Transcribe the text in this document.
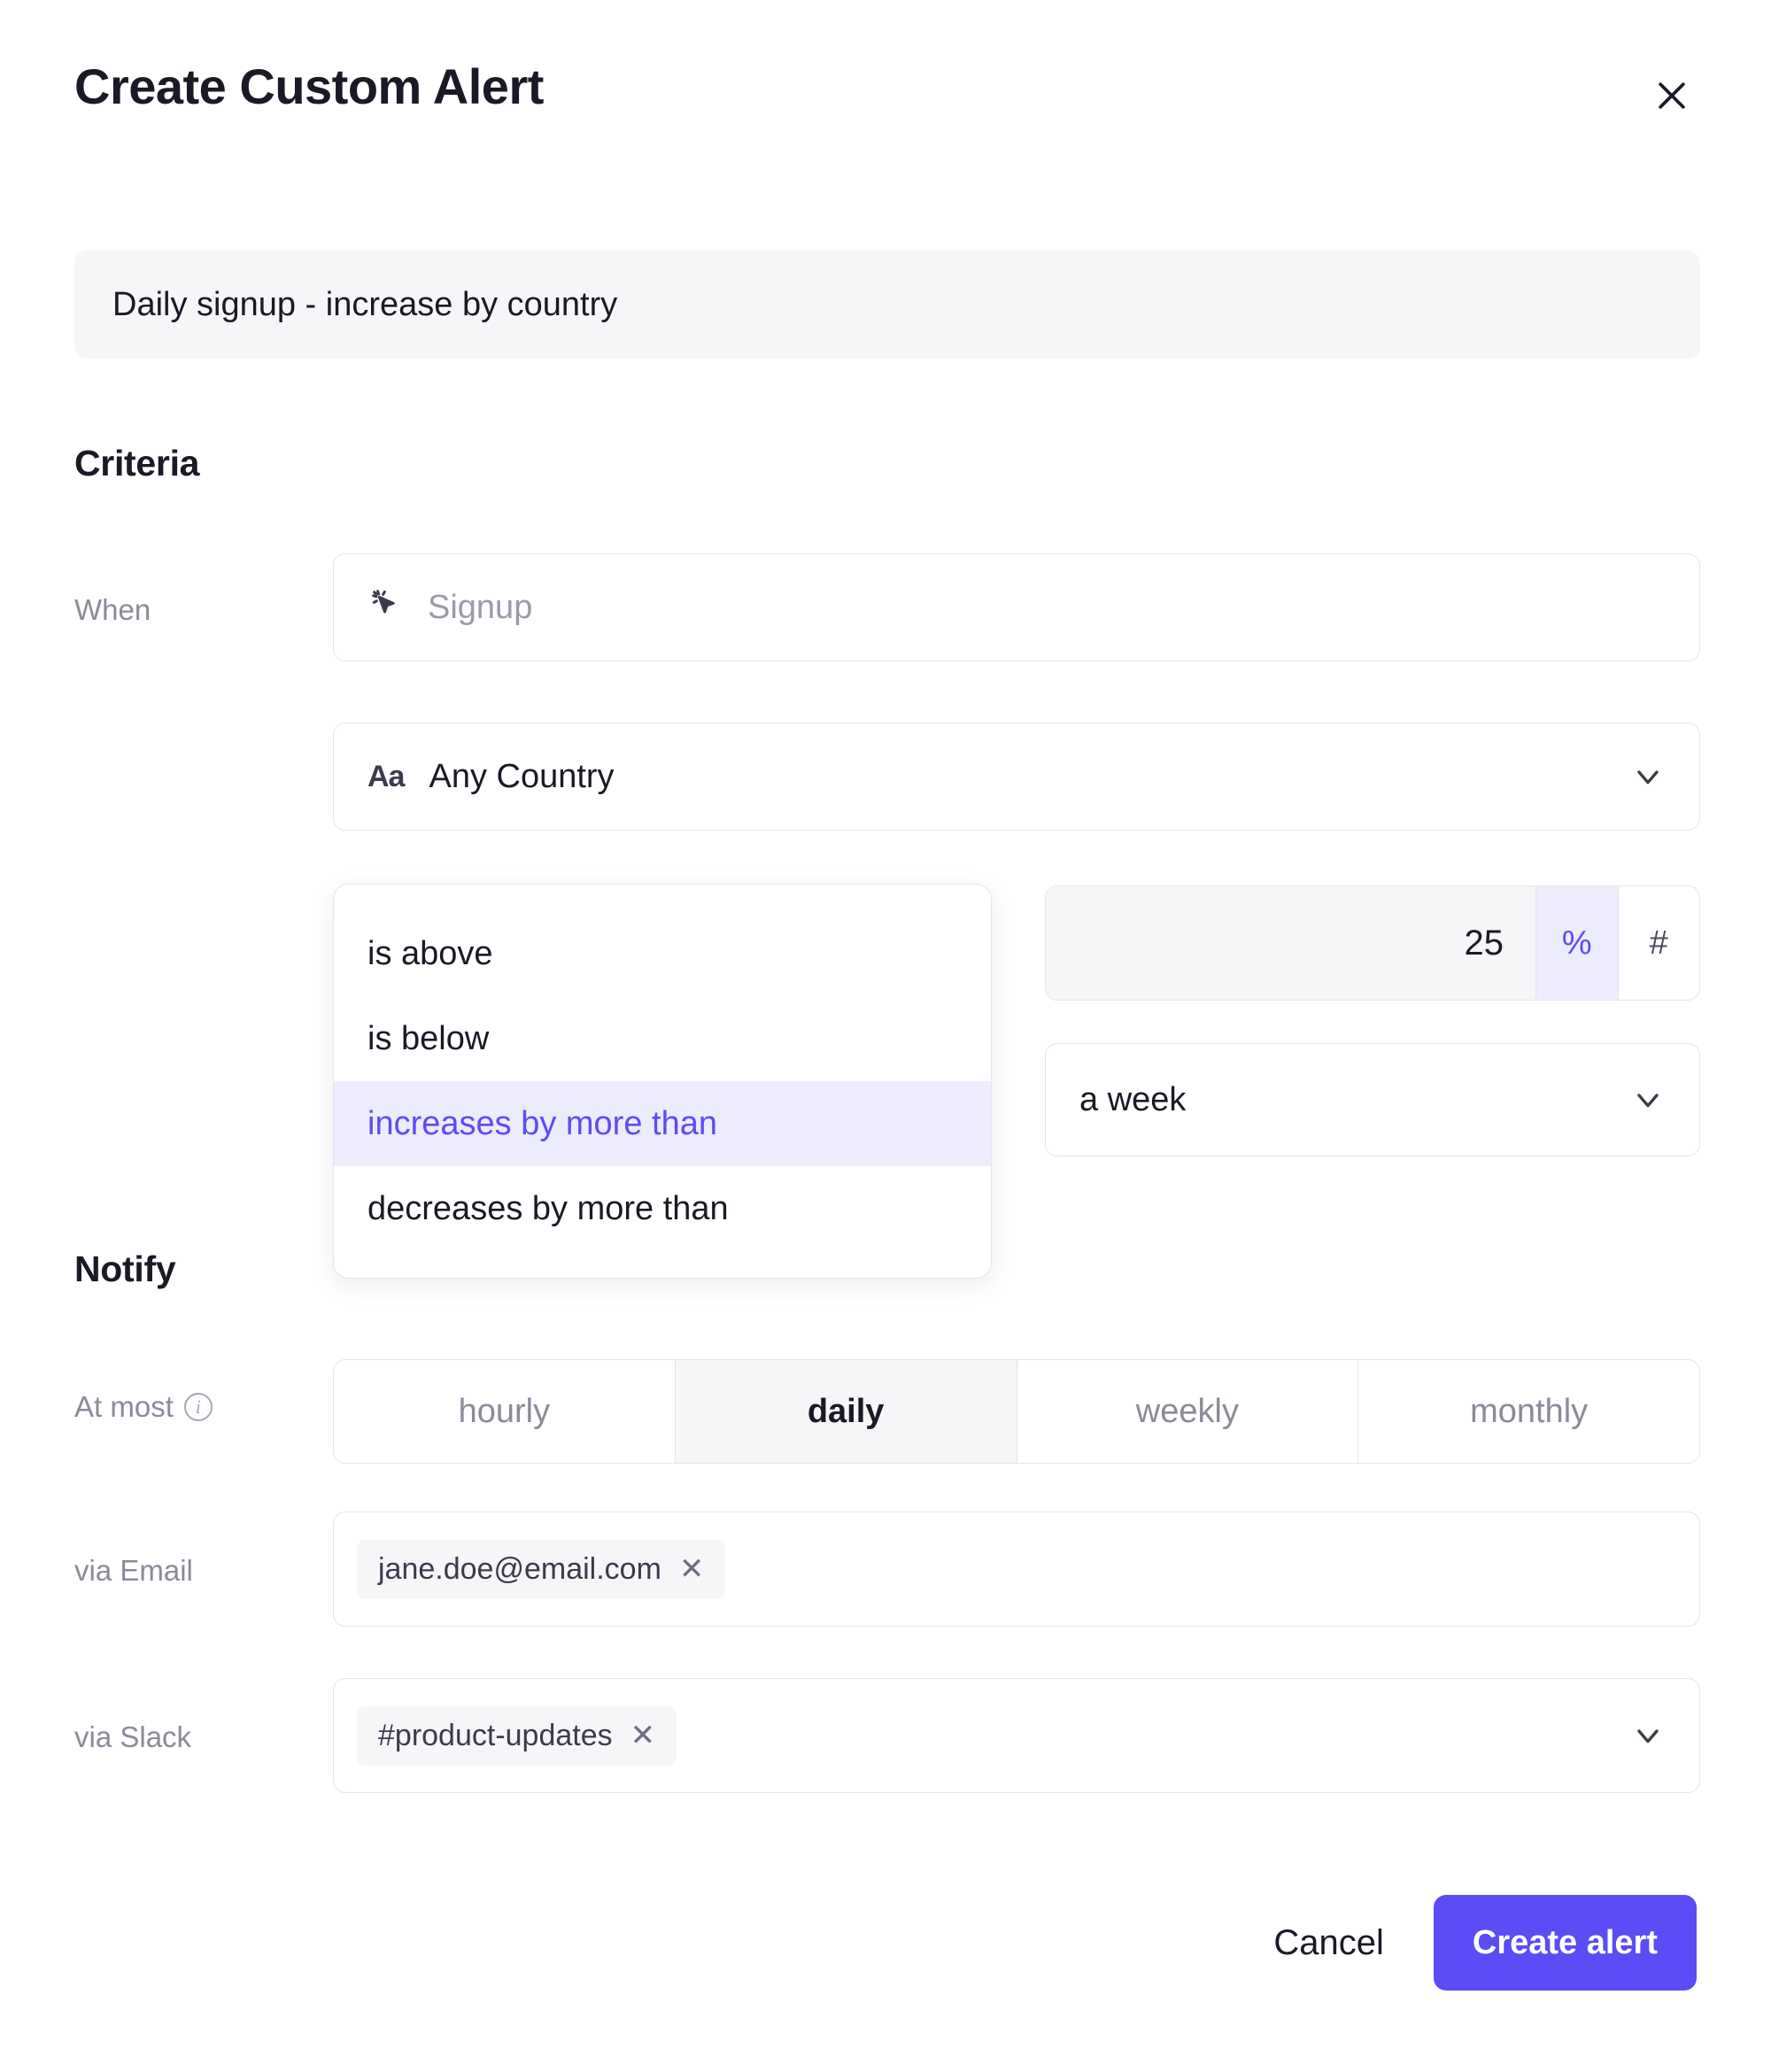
Create Custom Alert
Daily signup - increase by country
Criteria
When	Signup
Aa Any Country
is above
is below
increases by more than
decreases by more than
25
%	#
a week
Notify
At most	i	hourly	daily	weekly	monthly
via Email	jane.doe@email.com ✕
via Slack	#product-updates ✕
Cancel	Create alert
